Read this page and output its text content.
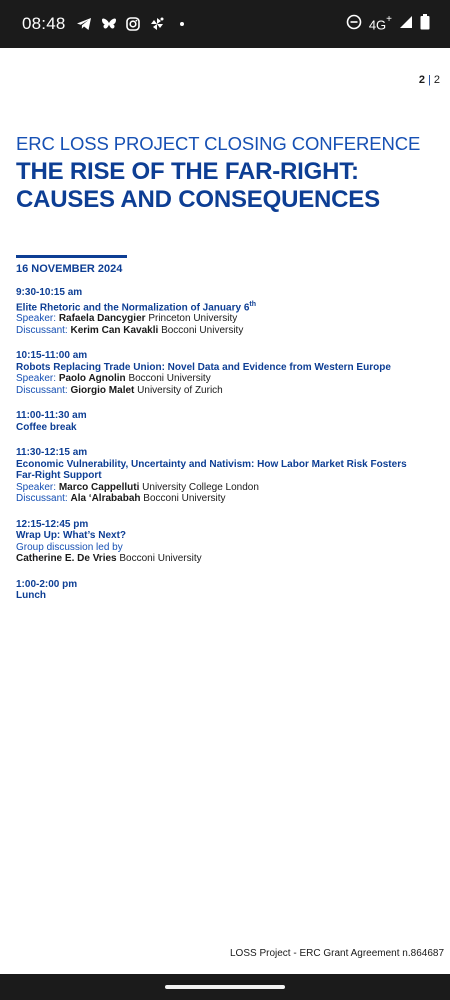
08:48	4G+
2 | 2
ERC LOSS PROJECT CLOSING CONFERENCE
THE RISE OF THE FAR-RIGHT:
CAUSES AND CONSEQUENCES
16 NOVEMBER 2024
9:30-10:15 am
Elite Rhetoric and the Normalization of January 6th
Speaker: Rafaela Dancygier Princeton University
Discussant: Kerim Can Kavakli Bocconi University
10:15-11:00 am
Robots Replacing Trade Union: Novel Data and Evidence from Western Europe
Speaker: Paolo Agnolin Bocconi University
Discussant: Giorgio Malet University of Zurich
11:00-11:30 am
Coffee break
11:30-12:15 am
Economic Vulnerability, Uncertainty and Nativism: How Labor Market Risk Fosters
Far-Right Support
Speaker: Marco Cappelluti University College London
Discussant: Ala ‘Alrababah Bocconi University
12:15-12:45 pm
Wrap Up: What’s Next?
Group discussion led by
Catherine E. De Vries Bocconi University
1:00-2:00 pm
Lunch
LOSS Project - ERC Grant Agreement n.864687
